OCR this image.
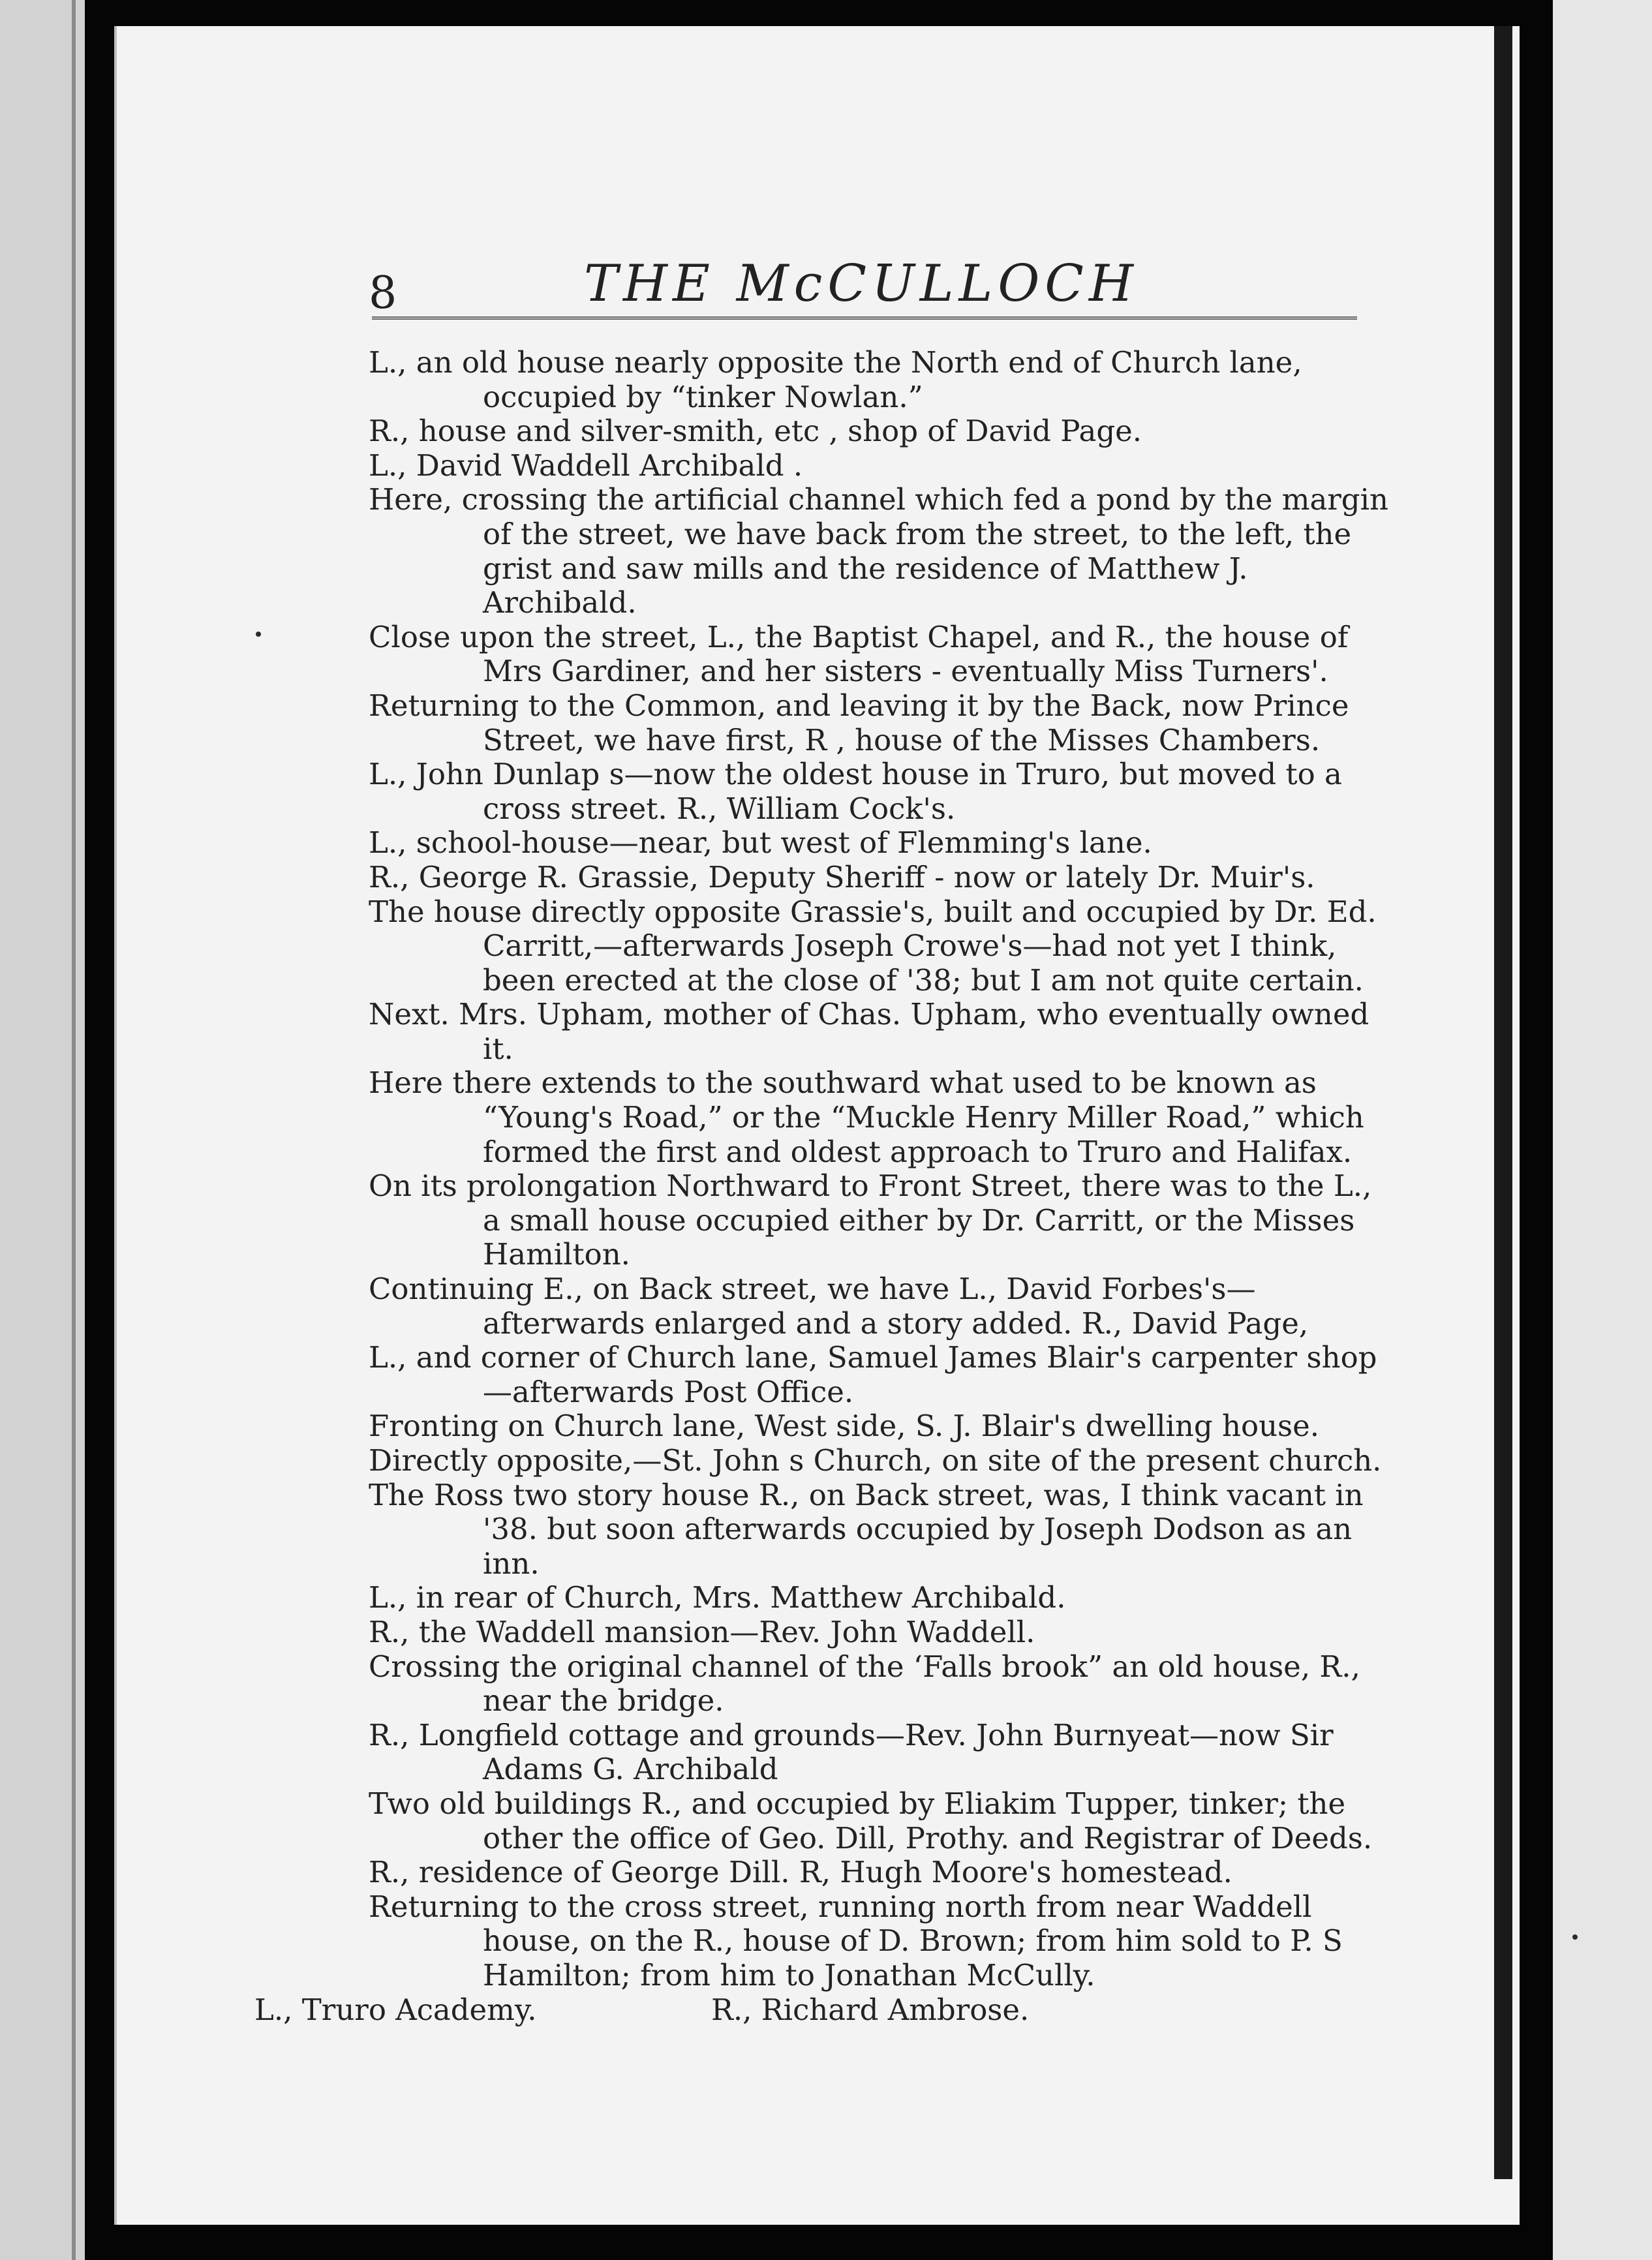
8	THE McCULLOCH

L., an old house nearly opposite the North end of Church lane, occupied by “tinker Nowlan.”

R., house and silver-smith, etc , shop of David Page.

L., David Waddell Archibald .

Here, crossing the artificial channel which fed a pond by the margin of the street, we have back from the street, to the left, the grist and saw mills and the residence of Matthew J. Archibald.

Close upon the street, L., the Baptist Chapel, and R., the house of Mrs Gardiner, and her sisters - eventually Miss Turners'.

Returning to the Common, and leaving it by the Back, now Prince Street, we have first, R , house of the Misses Chambers.

L., John Dunlap s—now the oldest house in Truro, but moved to a cross street. R., William Cock's.

L., school-house—near, but west of Flemming's lane.

R., George R. Grassie, Deputy Sheriff - now or lately Dr. Muir's.

The house directly opposite Grassie's, built and occupied by Dr. Ed. Carritt,—afterwards Joseph Crowe's—had not yet I think, been erected at the close of '38; but I am not quite certain.

Next. Mrs. Upham, mother of Chas. Upham, who eventually owned it.

Here there extends to the southward what used to be known as “Young's Road,” or the “Muckle Henry Miller Road,” which formed the first and oldest approach to Truro and Halifax.

On its prolongation Northward to Front Street, there was to the L., a small house occupied either by Dr. Carritt, or the Misses Hamilton.

Continuing E., on Back street, we have L., David Forbes's—afterwards enlarged and a story added. R., David Page,

L., and corner of Church lane, Samuel James Blair's carpenter shop —afterwards Post Office.

Fronting on Church lane, West side, S. J. Blair's dwelling house.

Directly opposite,—St. John s Church, on site of the present church.

The Ross two story house R., on Back street, was, I think vacant in '38. but soon afterwards occupied by Joseph Dodson as an inn.

L., in rear of Church, Mrs. Matthew Archibald.

R., the Waddell mansion—Rev. John Waddell.

Crossing the original channel of the ‘Falls brook” an old house, R., near the bridge.

R., Longfield cottage and grounds—Rev. John Burnyeat—now Sir Adams G. Archibald

Two old buildings R., and occupied by Eliakim Tupper, tinker; the other the office of Geo. Dill, Prothy. and Registrar of Deeds.

R., residence of George Dill. R, Hugh Moore's homestead.

Returning to the cross street, running north from near Waddell house, on the R., house of D. Brown; from him sold to P. S Hamilton; from him to Jonathan McCully.

L., Truro Academy.	R., Richard Ambrose.
